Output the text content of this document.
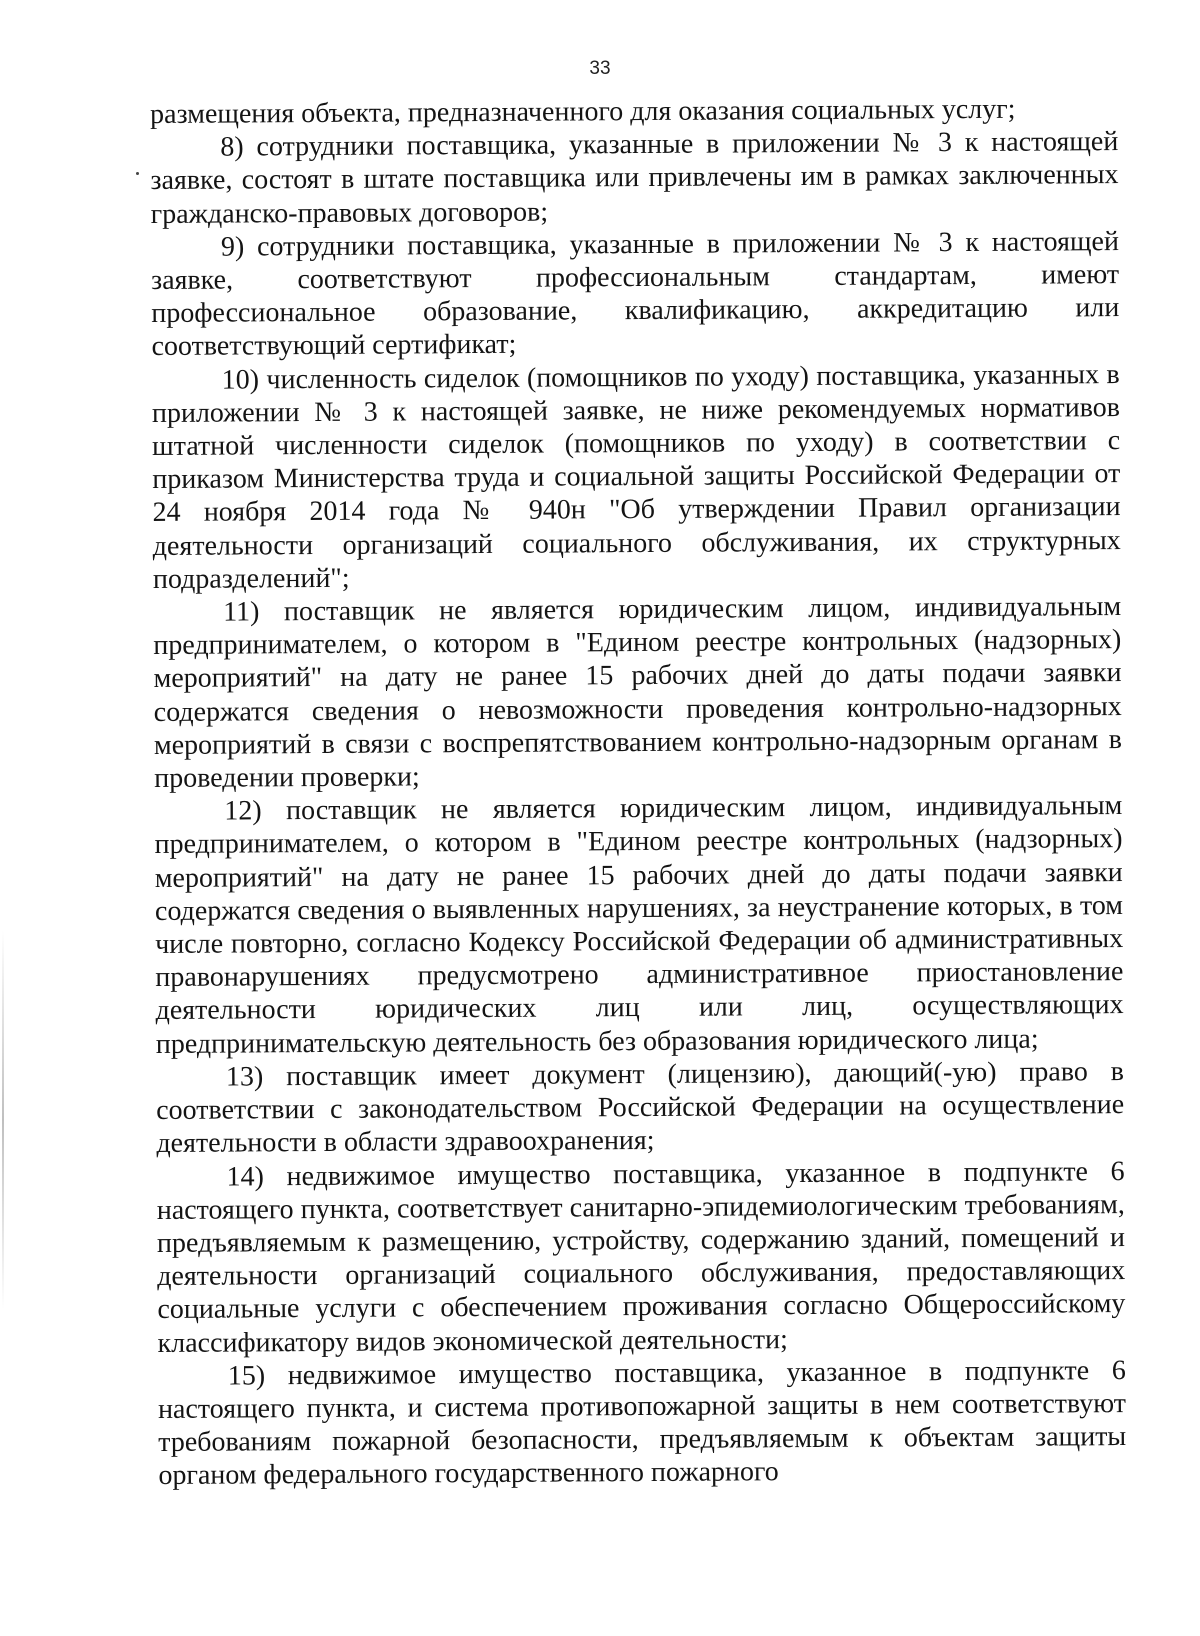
33

размещения объекта, предназначенного для оказания социальных услуг;

8) сотрудники поставщика, указанные в приложении № 3 к настоящей заявке, состоят в штате поставщика или привлечены им в рамках заключенных гражданско-правовых договоров;

9) сотрудники поставщика, указанные в приложении № 3 к настоящей заявке, соответствуют профессиональным стандартам, имеют профессиональное образование, квалификацию, аккредитацию или соответствующий сертификат;

10) численность сиделок (помощников по уходу) поставщика, указанных в приложении № 3 к настоящей заявке, не ниже рекомендуемых нормативов штатной численности сиделок (помощников по уходу) в соответствии с приказом Министерства труда и социальной защиты Российской Федерации от 24 ноября 2014 года № 940н "Об утверждении Правил организации деятельности организаций социального обслуживания, их структурных подразделений";

11) поставщик не является юридическим лицом, индивидуальным предпринимателем, о котором в "Едином реестре контрольных (надзорных) мероприятий" на дату не ранее 15 рабочих дней до даты подачи заявки содержатся сведения о невозможности проведения контрольно-надзорных мероприятий в связи с воспрепятствованием контрольно-надзорным органам в проведении проверки;

12) поставщик не является юридическим лицом, индивидуальным предпринимателем, о котором в "Едином реестре контрольных (надзорных) мероприятий" на дату не ранее 15 рабочих дней до даты подачи заявки содержатся сведения о выявленных нарушениях, за неустранение которых, в том числе повторно, согласно Кодексу Российской Федерации об административных правонарушениях предусмотрено административное приостановление деятельности юридических лиц или лиц, осуществляющих предпринимательскую деятельность без образования юридического лица;

13) поставщик имеет документ (лицензию), дающий(-ую) право в соответствии с законодательством Российской Федерации на осуществление деятельности в области здравоохранения;

14) недвижимое имущество поставщика, указанное в подпункте 6 настоящего пункта, соответствует санитарно-эпидемиологическим требованиям, предъявляемым к размещению, устройству, содержанию зданий, помещений и деятельности организаций социального обслуживания, предоставляющих социальные услуги с обеспечением проживания согласно Общероссийскому классификатору видов экономической деятельности;

15) недвижимое имущество поставщика, указанное в подпункте 6 настоящего пункта, и система противопожарной защиты в нем соответствуют требованиям пожарной безопасности, предъявляемым к объектам защиты органом федерального государственного пожарного
